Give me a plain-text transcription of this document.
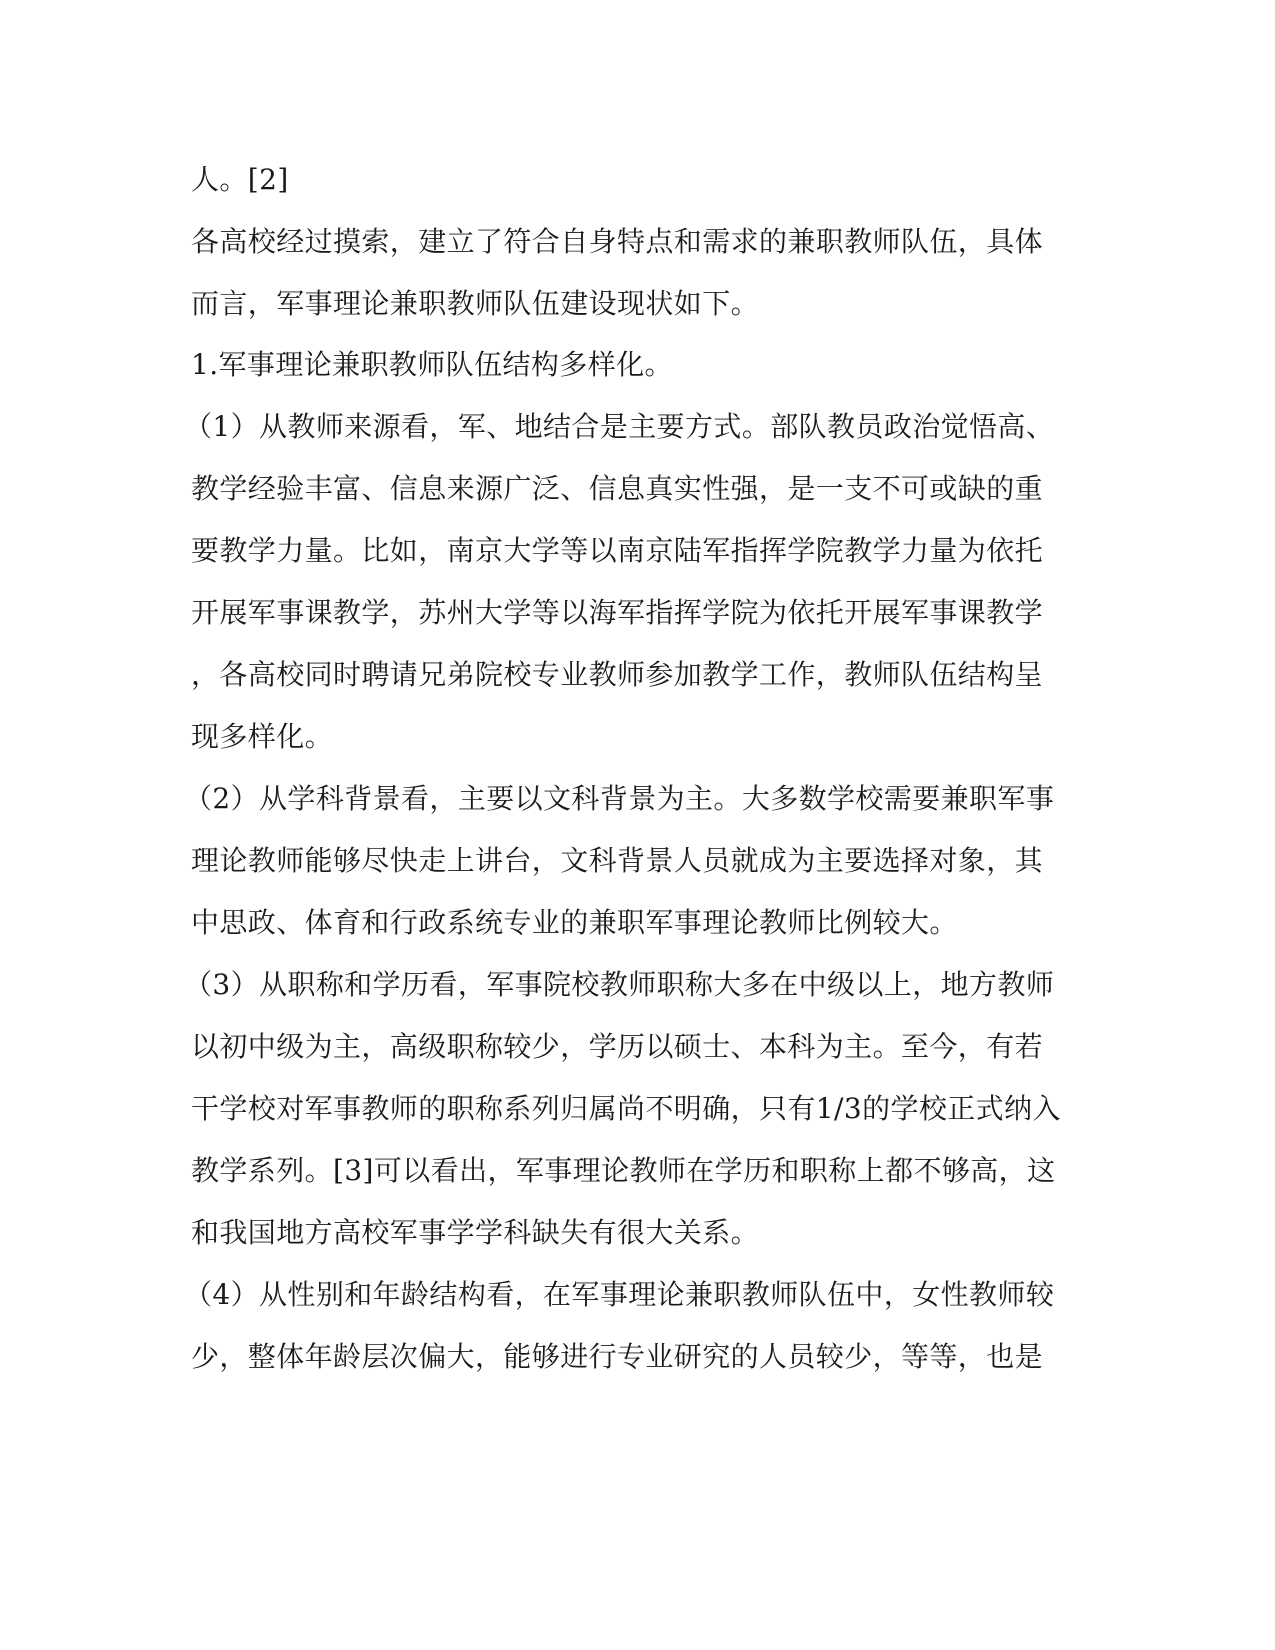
人。[2]
各高校经过摸索，建立了符合自身特点和需求的兼职教师队伍，具体
而言，军事理论兼职教师队伍建设现状如下。
1.军事理论兼职教师队伍结构多样化。
（1）从教师来源看，军、地结合是主要方式。部队教员政治觉悟高、
教学经验丰富、信息来源广泛、信息真实性强，是一支不可或缺的重
要教学力量。比如，南京大学等以南京陆军指挥学院教学力量为依托
开展军事课教学，苏州大学等以海军指挥学院为依托开展军事课教学
，各高校同时聘请兄弟院校专业教师参加教学工作，教师队伍结构呈
现多样化。
（2）从学科背景看，主要以文科背景为主。大多数学校需要兼职军事
理论教师能够尽快走上讲台，文科背景人员就成为主要选择对象，其
中思政、体育和行政系统专业的兼职军事理论教师比例较大。
（3）从职称和学历看，军事院校教师职称大多在中级以上，地方教师
以初中级为主，高级职称较少，学历以硕士、本科为主。至今，有若
干学校对军事教师的职称系列归属尚不明确，只有1/3的学校正式纳入
教学系列。[3]可以看出，军事理论教师在学历和职称上都不够高，这
和我国地方高校军事学学科缺失有很大关系。
（4）从性别和年龄结构看，在军事理论兼职教师队伍中，女性教师较
少，整体年龄层次偏大，能够进行专业研究的人员较少，等等，也是
